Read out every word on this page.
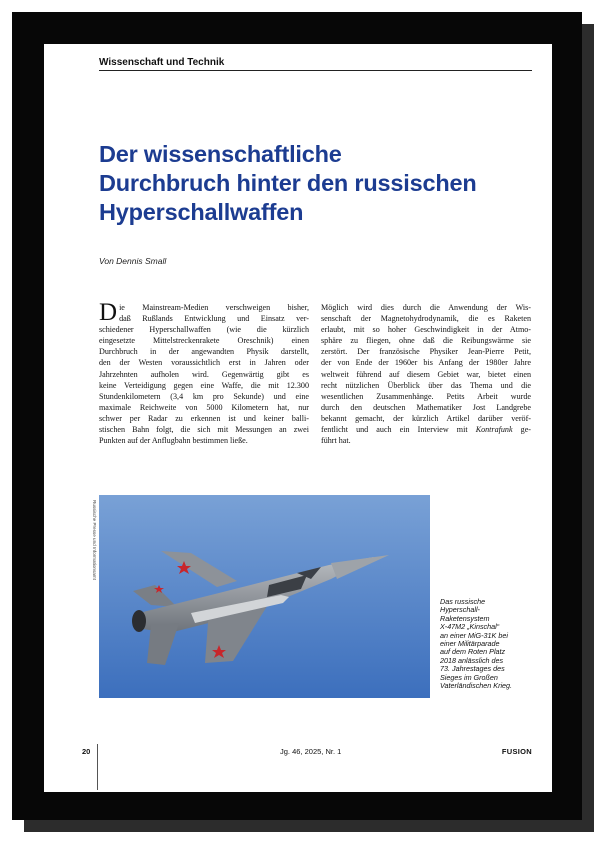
Wissenschaft und Technik
Der wissenschaftliche
Durchbruch hinter den russischen
Hyperschallwaffen
Von Dennis Small
D ie Mainstream-Medien verschweigen bisher,
daß Rußlands Entwicklung und Einsatz ver-
schiedener Hyperschallwaffen (wie die kürzlich
eingesetzte Mittelstreckenrakete Oreschnik) einen
Durchbruch in der angewandten Physik darstellt,
den der Westen voraussichtlich erst in Jahren oder
Jahrzehnten aufholen wird. Gegenwärtig gibt es
keine Verteidigung gegen eine Waffe, die mit 12.300
Stundenkilometern (3,4 km pro Sekunde) und eine
maximale Reichweite von 5000 Kilometern hat, nur
schwer per Radar zu erkennen ist und keiner balli-
stischen Bahn folgt, die sich mit Messungen an zwei
Punkten auf der Anflugbahn bestimmen ließe.
Möglich wird dies durch die Anwendung der Wis-
senschaft der Magnetohydrodynamik, die es Raketen
erlaubt, mit so hoher Geschwindigkeit in der Atmo-
sphäre zu fliegen, ohne daß die Reibungswärme sie
zerstört. Der französische Physiker Jean-Pierre Petit,
der von Ende der 1960er bis Anfang der 1980er Jahre
weltweit führend auf diesem Gebiet war, bietet einen
recht nützlichen Überblick über das Thema und die
wesentlichen Zusammenhänge. Petits Arbeit wurde
durch den deutschen Mathematiker Jost Landgrebe
bekannt gemacht, der kürzlich Artikel darüber veröf-
fentlicht und auch ein Interview mit Kontrafunk ge-
führt hat.
Russische Presse und Informationsamt
Das russische
Hyperschall-
Raketensystem
X-47M2 „Kinschal“
an einer MiG-31K bei
einer Militärparade
auf dem Roten Platz
2018 anlässlich des
73. Jahrestages des
Sieges im Großen
Vaterländischen Krieg.
20	Jg. 46, 2025, Nr. 1	FUSION
